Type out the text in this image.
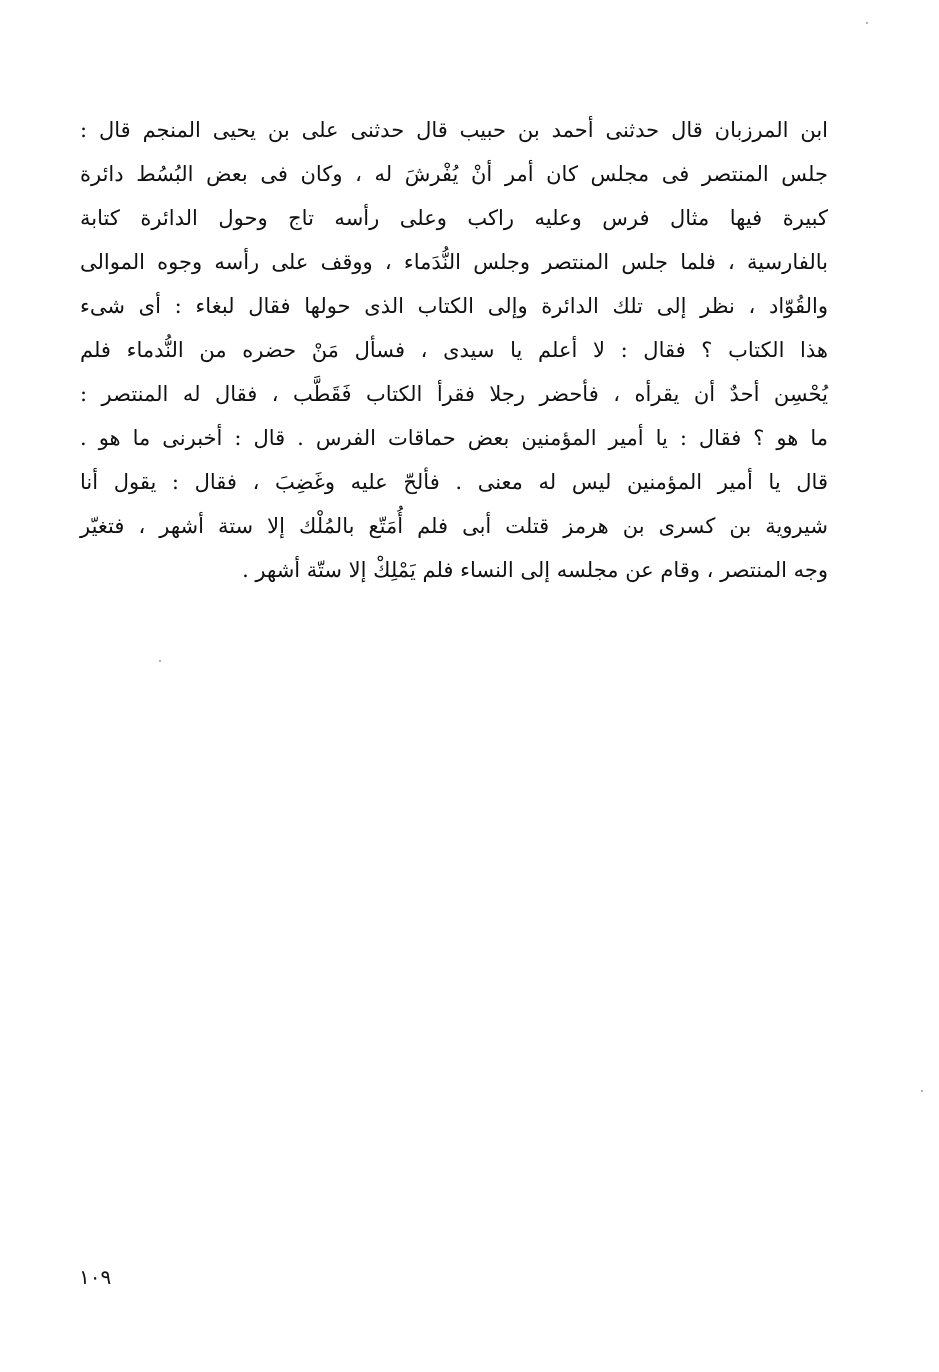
ابن المرزبان قال حدثنى أحمد بن حبيب قال حدثنى على بن يحيى المنجم قال :
جلس المنتصر فى مجلس كان أمر أنْ يُفْرشَ له ، وكان فى بعض البُسُط دائرة
كبيرة فيها مثال فرس وعليه راكب وعلى رأسه تاج وحول الدائرة كتابة
بالفارسية ، فلما جلس المنتصر وجلس النُّدَماء ، ووقف على رأسه وجوه الموالى
والقُوّاد ، نظر إلى تلك الدائرة وإلى الكتاب الذى حولها فقال لبغاء : أى شىء
هذا الكتاب ؟ فقال : لا أعلم يا سيدى ، فسأل مَنْ حضره من النُّدماء فلم
يُحْسِن أحدٌ أن يقرأه ، فأحضر رجلا فقرأ الكتاب فَقَطَّب ، فقال له المنتصر :
ما هو ؟ فقال : يا أمير المؤمنين بعض حماقات الفرس . قال : أخبرنى ما هو .
قال يا أمير المؤمنين ليس له معنى . فألحّ عليه وغَضِبَ ، فقال : يقول أنا
شيروية بن كسرى بن هرمز قتلت أبى فلم أُمَتّع بالمُلْك إلا ستة أشهر ، فتغيّر
وجه المنتصر ، وقام عن مجلسه إلى النساء فلم يَمْلِكْ إلا ستّة أشهر .
١٠٩
